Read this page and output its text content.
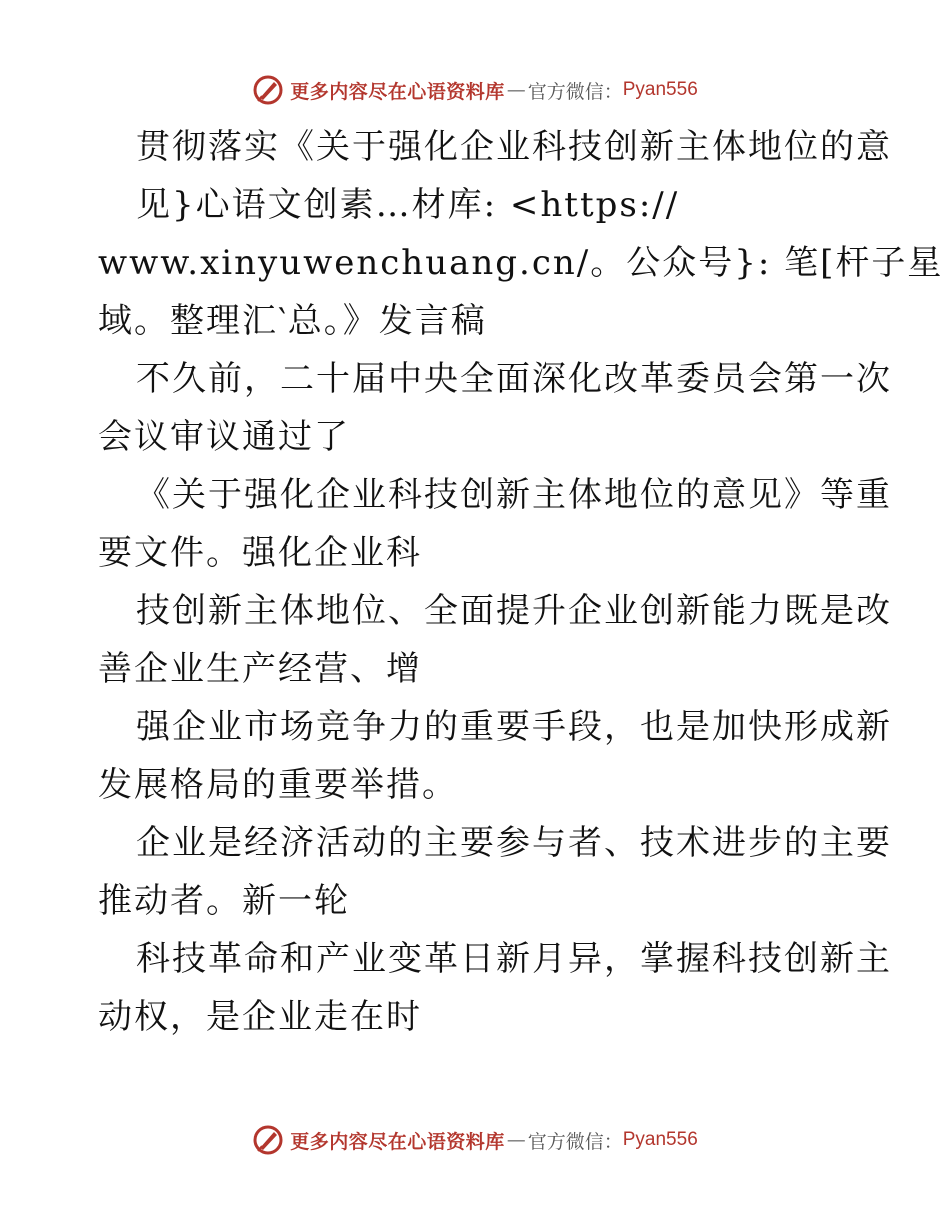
更多内容尽在心语资料库 — 官方微信： Pyan556
贯彻落实《关于强化企业科技创新主体地位的意
见}心语文创素…材库: <https://
www.xinyuwenchuang.cn/。公众号}: 笔[杆子星
域。整理汇‵总。》发言稿
不久前，二十届中央全面深化改革委员会第一次
会议审议通过了
《关于强化企业科技创新主体地位的意见》等重
要文件。强化企业科
技创新主体地位、全面提升企业创新能力既是改
善企业生产经营、增
强企业市场竞争力的重要手段，也是加快形成新
发展格局的重要举措。
企业是经济活动的主要参与者、技术进步的主要
推动者。新一轮
科技革命和产业变革日新月异，掌握科技创新主
动权，是企业走在时
更多内容尽在心语资料库 — 官方微信： Pyan556
